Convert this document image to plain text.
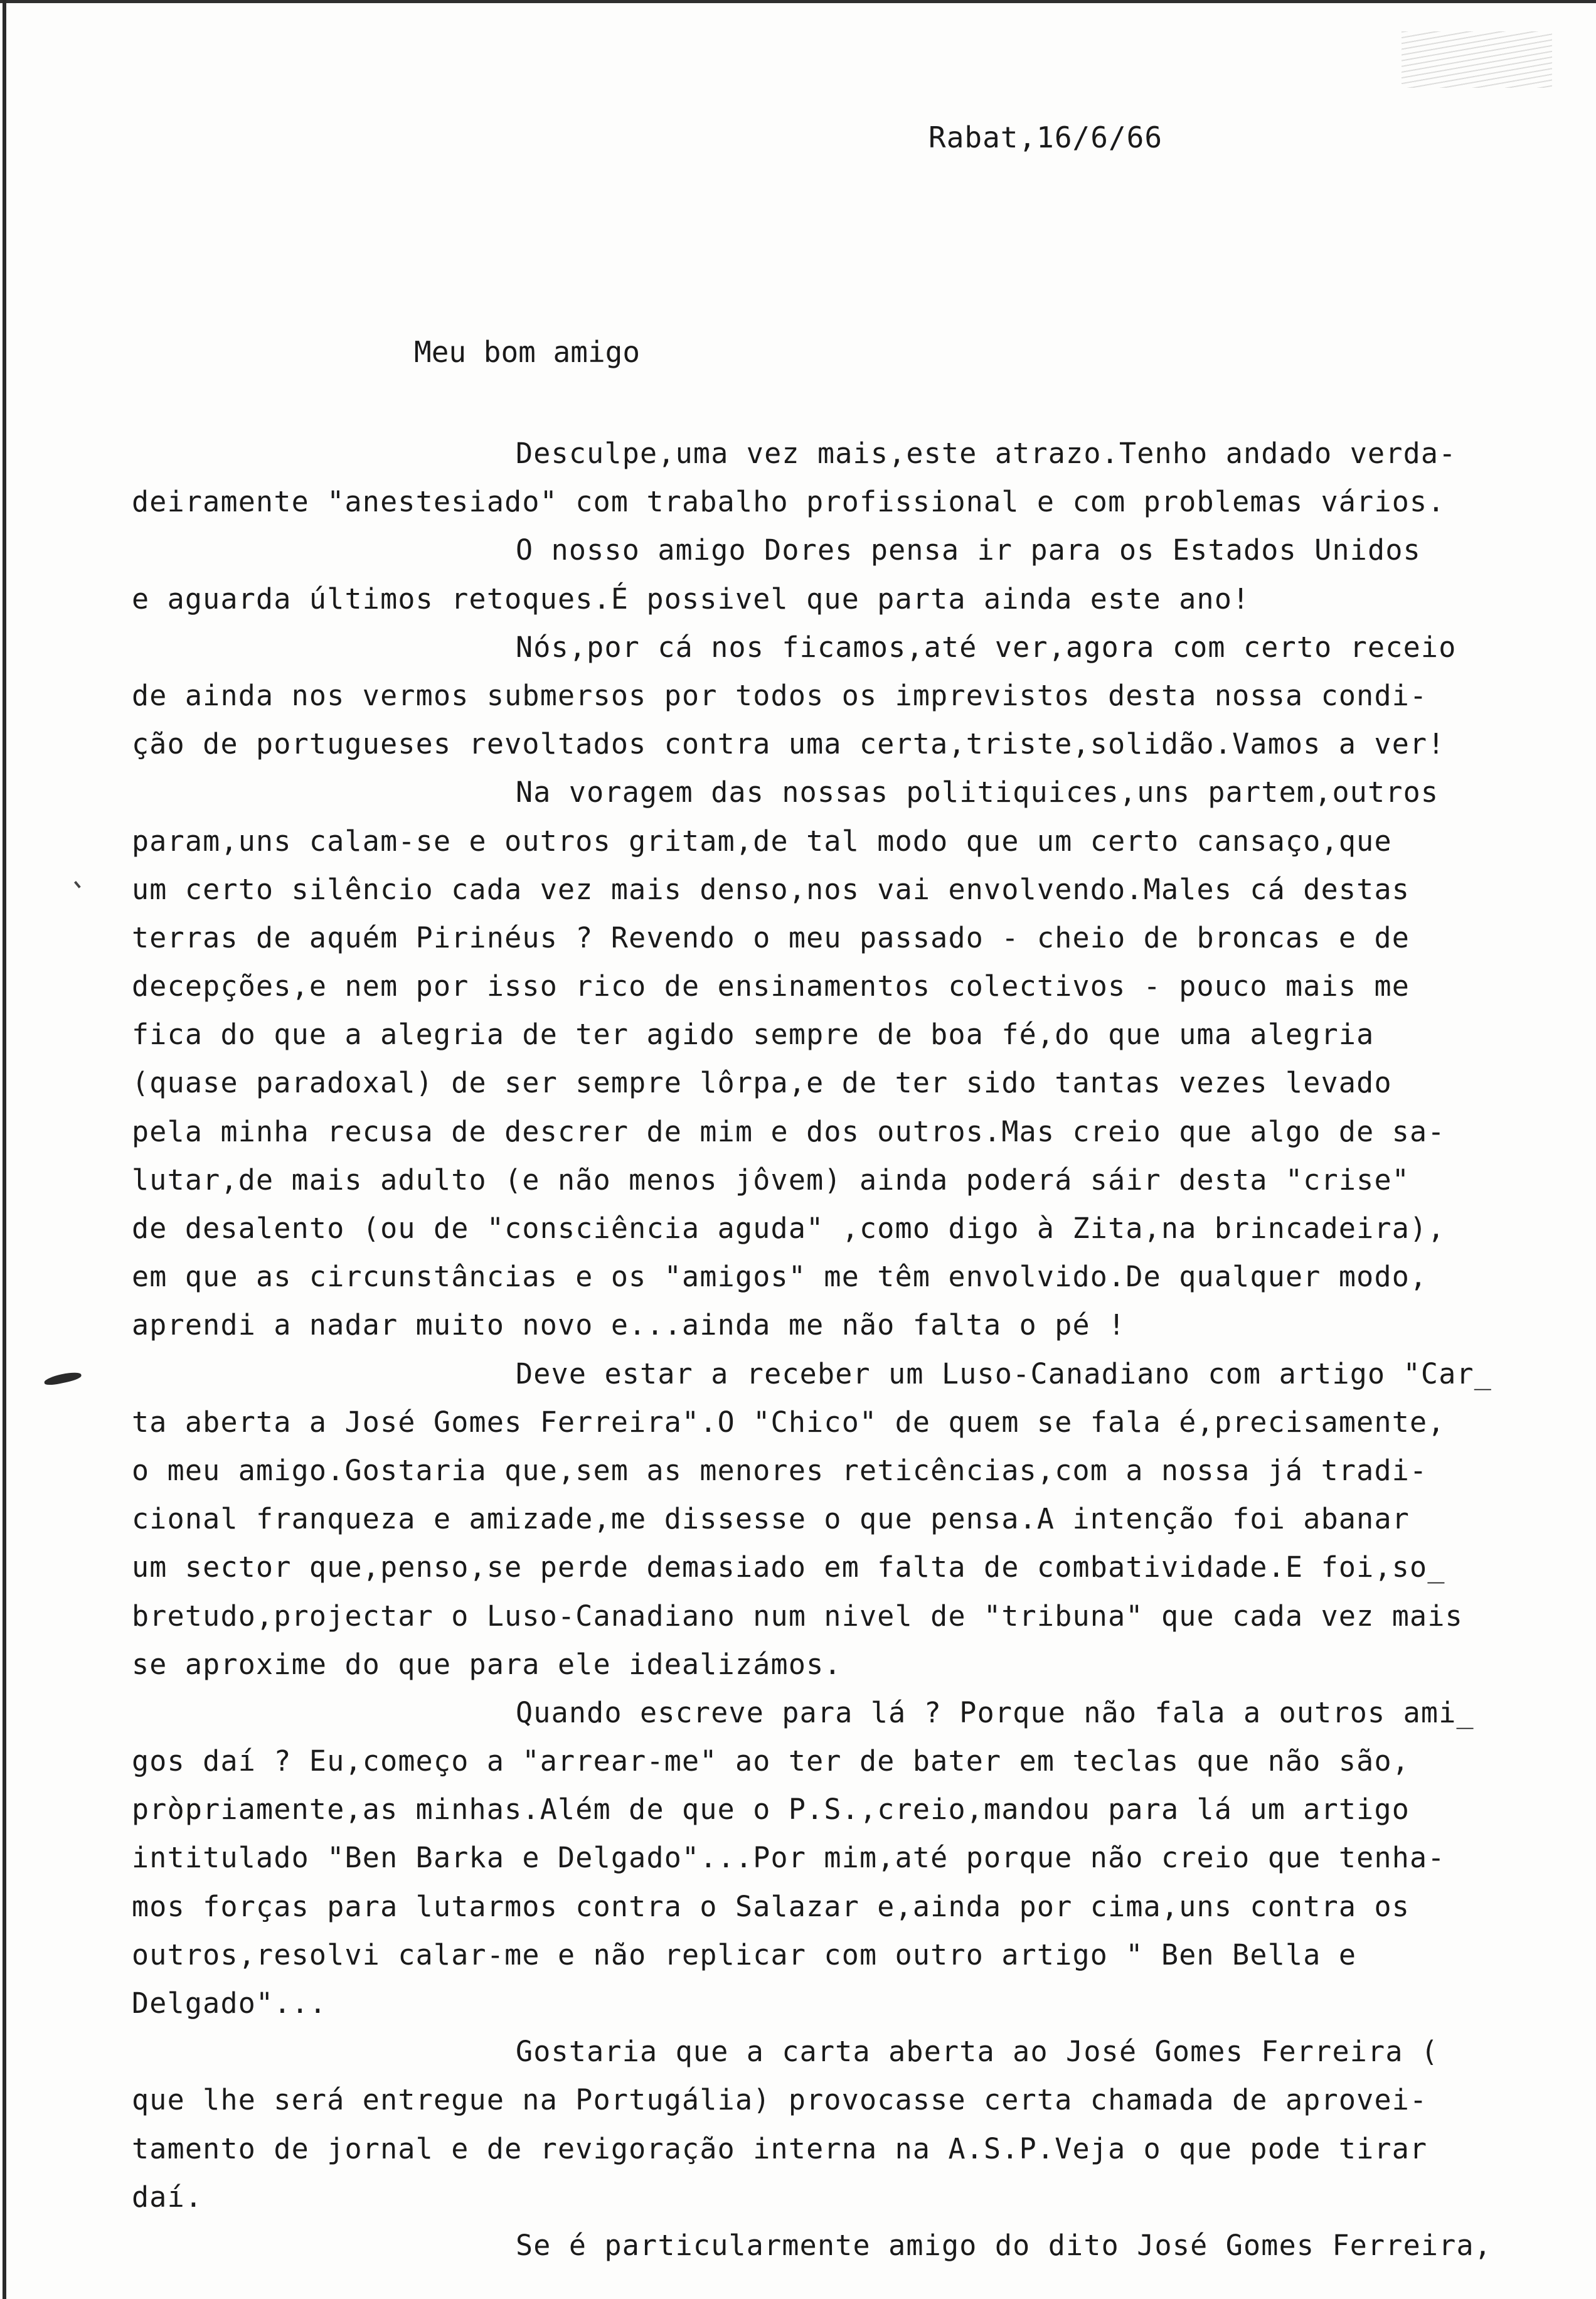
Rabat,16/6/66
Meu bom amigo
Desculpe,uma vez mais,este atrazo.Tenho andado verda-
deiramente "anestesiado" com trabalho profissional e com problemas vários.
O nosso amigo Dores pensa ir para os Estados Unidos
e aguarda últimos retoques.É possivel que parta ainda este ano!
Nós,por cá nos ficamos,até ver,agora com certo receio
de ainda nos vermos submersos por todos os imprevistos desta nossa condi-
ção de portugueses revoltados contra uma certa,triste,solidão.Vamos a ver!
Na voragem das nossas politiquices,uns partem,outros
param,uns calam-se e outros gritam,de tal modo que um certo cansaço,que
um certo silêncio cada vez mais denso,nos vai envolvendo.Males cá destas
terras de aquém Pirinéus ? Revendo o meu passado - cheio de broncas e de
decepções,e nem por isso rico de ensinamentos colectivos - pouco mais me
fica do que a alegria de ter agido sempre de boa fé,do que uma alegria
(quase paradoxal) de ser sempre lôrpa,e de ter sido tantas vezes levado
pela minha recusa de descrer de mim e dos outros.Mas creio que algo de sa-
lutar,de mais adulto (e não menos jôvem) ainda poderá sáir desta "crise"
de desalento (ou de "consciência aguda" ,como digo à Zita,na brincadeira),
em que as circunstâncias e os "amigos" me têm envolvido.De qualquer modo,
aprendi a nadar muito novo e...ainda me não falta o pé !
Deve estar a receber um Luso-Canadiano com artigo "Car_
ta aberta a José Gomes Ferreira".O "Chico" de quem se fala é,precisamente,
o meu amigo.Gostaria que,sem as menores reticências,com a nossa já tradi-
cional franqueza e amizade,me dissesse o que pensa.A intenção foi abanar
um sector que,penso,se perde demasiado em falta de combatividade.E foi,so_
bretudo,projectar o Luso-Canadiano num nivel de "tribuna" que cada vez mais
se aproxime do que para ele idealizámos.
Quando escreve para lá ? Porque não fala a outros ami_
gos daí ? Eu,começo a "arrear-me" ao ter de bater em teclas que não são,
pròpriamente,as minhas.Além de que o P.S.,creio,mandou para lá um artigo
intitulado "Ben Barka e Delgado"...Por mim,até porque não creio que tenha-
mos forças para lutarmos contra o Salazar e,ainda por cima,uns contra os
outros,resolvi calar-me e não replicar com outro artigo " Ben Bella e
Delgado"...
Gostaria que a carta aberta ao José Gomes Ferreira (
que lhe será entregue na Portugália) provocasse certa chamada de aprovei-
tamento de jornal e de revigoração interna na A.S.P.Veja o que pode tirar
daí.
Se é particularmente amigo do dito José Gomes Ferreira,
